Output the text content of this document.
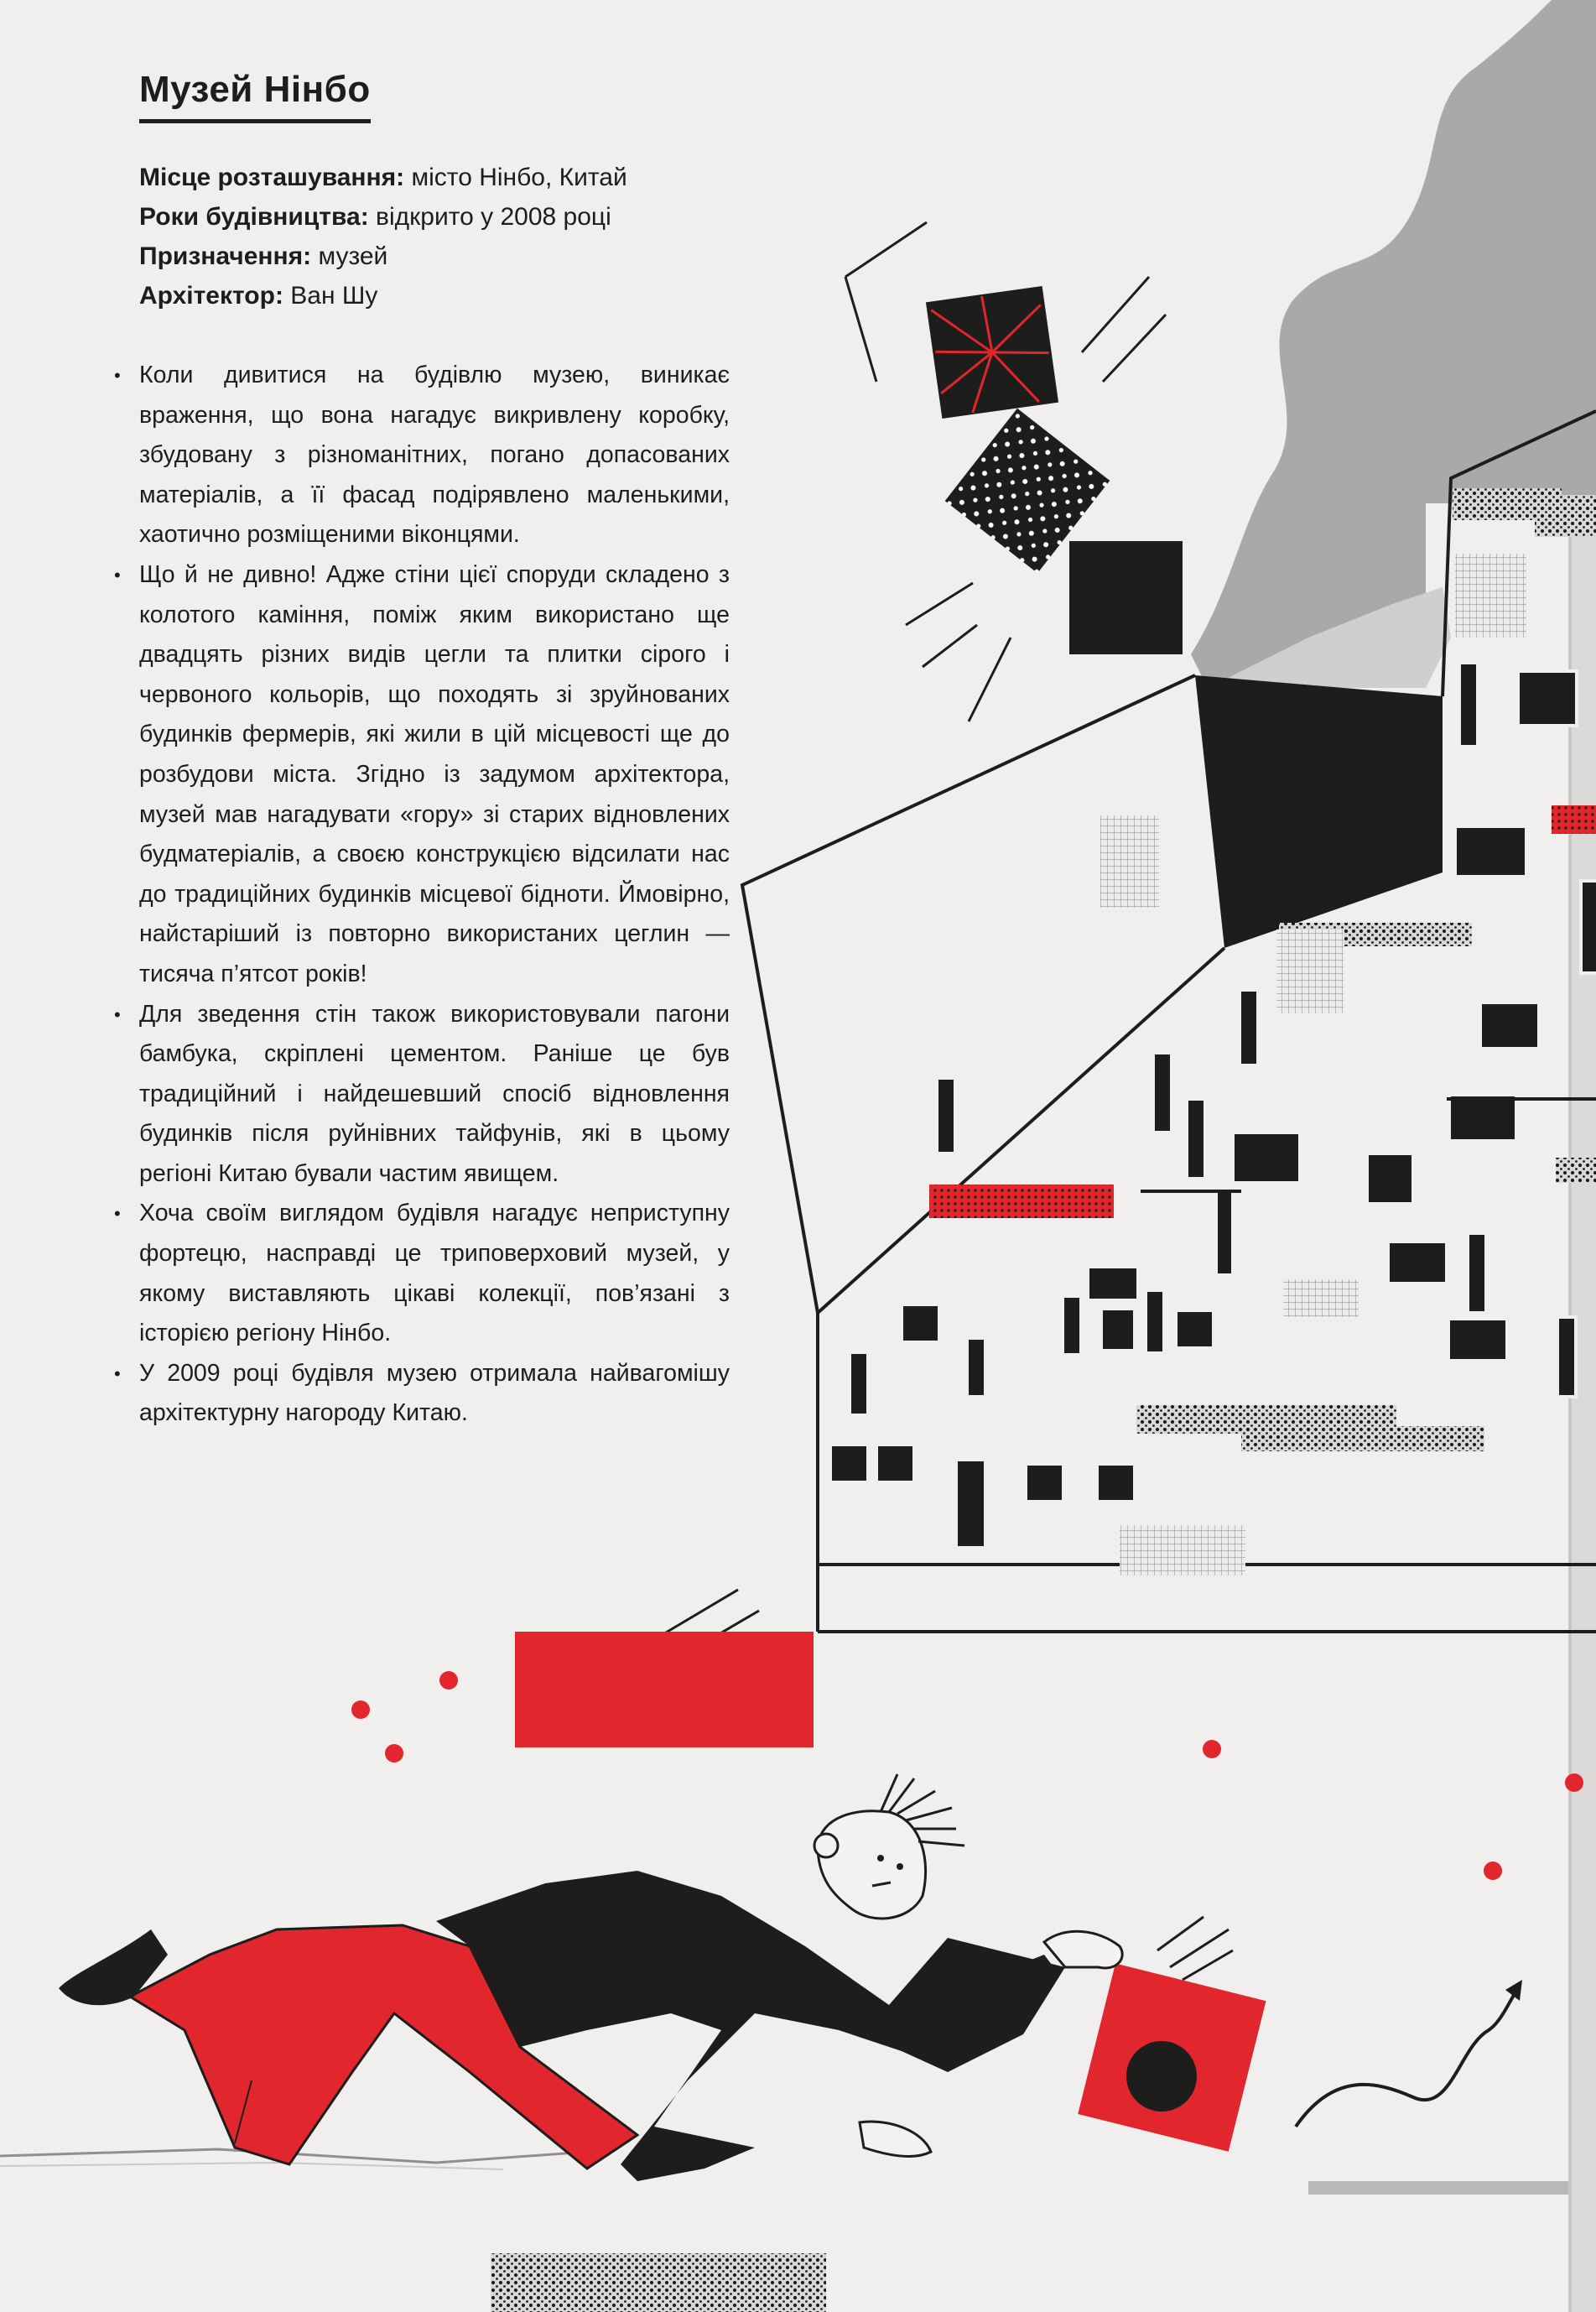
Музей Нінбо
Місце розташування: місто Нінбо, Китай
Роки будівництва: відкрито у 2008 році
Призначення: музей
Архітектор: Ван Шу
• Коли дивитися на будівлю музею, виникає враження, що вона нагадує викривлену коробку, збудовану з різноманітних, погано допасованих матеріалів, а її фасад подірявлено маленькими, хаотично розміщеними віконцями.
• Що й не дивно! Адже стіни цієї споруди складено з колотого каміння, поміж яким використано ще двадцять різних видів цегли та плитки сірого і червоного кольорів, що походять зі зруйнованих будинків фермерів, які жили в цій місцевості ще до розбудови міста. Згідно із задумом архітектора, музей мав нагадувати «гору» зі старих відновлених будматеріалів, а своєю конструкцією відсилати нас до традиційних будинків місцевої бідноти. Ймовірно, найстаріший із повторно використаних цеглин — тисяча п’ятсот років!
• Для зведення стін також використовували пагони бамбука, скріплені цементом. Раніше це був традиційний і найдешевший спосіб відновлення будинків після руйнівних тайфунів, які в цьому регіоні Китаю бували частим явищем.
• Хоча своїм виглядом будівля нагадує неприступну фортецю, насправді це триповерховий музей, у якому виставляють цікаві колекції, пов’язані з історією регіону Нінбо.
• У 2009 році будівля музею отримала найвагомішу архітектурну нагороду Китаю.
